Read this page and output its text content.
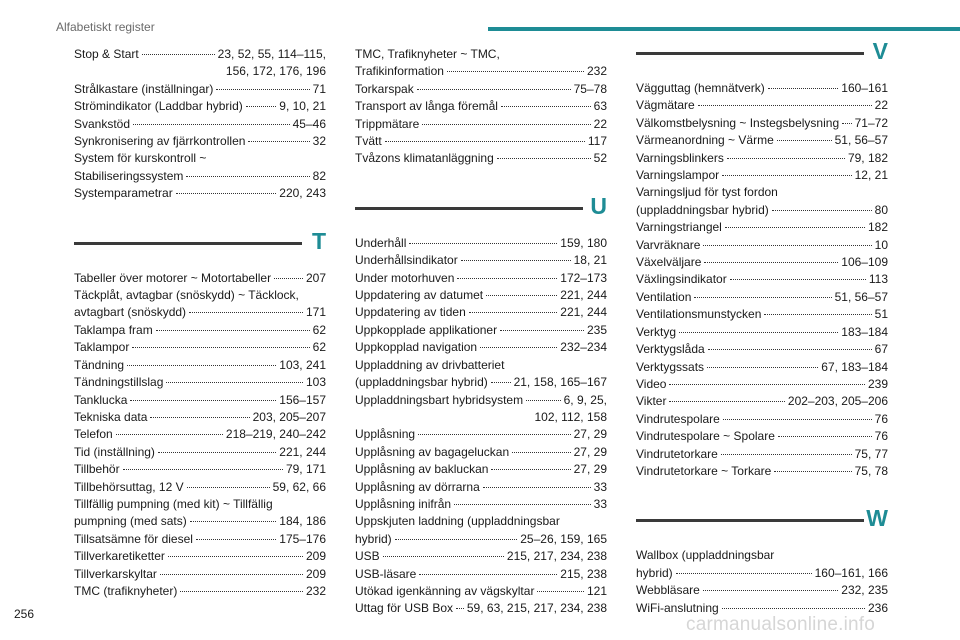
Alfabetiskt register
Stop & Start	23, 52, 55, 114–115,
156, 172, 176, 196
Strålkastare (inställningar)	71
Strömindikator (Laddbar hybrid)	9, 10, 21
Svankstöd	45–46
Synkronisering av fjärrkontrollen	32
System för kurskontroll ~
Stabiliseringssystem	82
Systemparametrar	220, 243
T
Tabeller över motorer ~ Motortabeller	207
Täckplåt, avtagbar (snöskydd) ~ Täcklock,
avtagbart (snöskydd)	171
Taklampa fram	62
Taklampor	62
Tändning	103, 241
Tändningstillslag	103
Tanklucka	156–157
Tekniska data	203, 205–207
Telefon	218–219, 240–242
Tid (inställning)	221, 244
Tillbehör	79, 171
Tillbehörsuttag, 12 V	59, 62, 66
Tillfällig pumpning (med kit) ~ Tillfällig
pumpning (med sats)	184, 186
Tillsatsämne för diesel	175–176
Tillverkaretiketter	209
Tillverkarskyltar	209
TMC (trafiknyheter)	232
TMC, Trafiknyheter ~ TMC,
Trafikinformation	232
Torkarspak	75–78
Transport av långa föremål	63
Trippmätare	22
Tvätt	117
Tvåzons klimatanläggning	52
U
Underhåll	159, 180
Underhållsindikator	18, 21
Under motorhuven	172–173
Uppdatering av datumet	221, 244
Uppdatering av tiden	221, 244
Uppkopplade applikationer	235
Uppkopplad navigation	232–234
Uppladdning av drivbatteriet
(uppladdningsbar hybrid) 21, 158, 165–167
Uppladdningsbart hybridsystem	6, 9, 25,
102, 112, 158
Upplåsning	27, 29
Upplåsning av bagageluckan	27, 29
Upplåsning av bakluckan	27, 29
Upplåsning av dörrarna	33
Upplåsning inifrån	33
Uppskjuten laddning (uppladdningsbar
hybrid)	25–26, 159, 165
USB	215, 217, 234, 238
USB-läsare	215, 238
Utökad igenkänning av vägskyltar	121
Uttag för USB Box 59, 63, 215, 217, 234, 238
V
Vägguttag (hemnätverk)	160–161
Vägmätare	22
Välkomstbelysning ~ Instegsbelysning 71–72
Värmeanordning ~ Värme	51, 56–57
Varningsblinkers	79, 182
Varningslampor	12, 21
Varningsljud för tyst fordon
(uppladdningsbar hybrid)	80
Varningstriangel	182
Varvräknare	10
Växelväljare	106–109
Växlingsindikator	113
Ventilation	51, 56–57
Ventilationsmunstycken	51
Verktyg	183–184
Verktygslåda	67
Verktygssats	67, 183–184
Video	239
Vikter	202–203, 205–206
Vindrutespolare	76
Vindrutespolare ~ Spolare	76
Vindrutetorkare	75, 77
Vindrutetorkare ~ Torkare	75, 78
W
Wallbox (uppladdningsbar
hybrid)	160–161, 166
Webbläsare	232, 235
WiFi-anslutning	236
256	carmanualsonline.info
